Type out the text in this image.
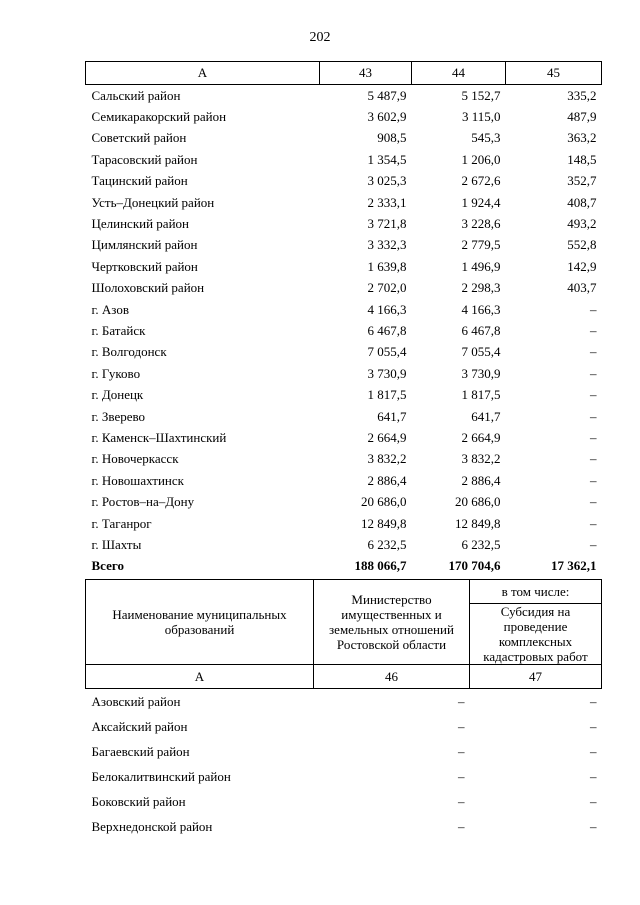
202
А	43	44	45
Сальский район	5 487,9	5 152,7	335,2
Семикаракорский район	3 602,9	3 115,0	487,9
Советский район	908,5	545,3	363,2
Тарасовский район	1 354,5	1 206,0	148,5
Тацинский район	3 025,3	2 672,6	352,7
Усть–Донецкий район	2 333,1	1 924,4	408,7
Целинский район	3 721,8	3 228,6	493,2
Цимлянский район	3 332,3	2 779,5	552,8
Чертковский район	1 639,8	1 496,9	142,9
Шолоховский район	2 702,0	2 298,3	403,7
г. Азов	4 166,3	4 166,3	–
г. Батайск	6 467,8	6 467,8	–
г. Волгодонск	7 055,4	7 055,4	–
г. Гуково	3 730,9	3 730,9	–
г. Донецк	1 817,5	1 817,5	–
г. Зверево	641,7	641,7	–
г. Каменск–Шахтинский	2 664,9	2 664,9	–
г. Новочеркасск	3 832,2	3 832,2	–
г. Новошахтинск	2 886,4	2 886,4	–
г. Ростов–на–Дону	20 686,0	20 686,0	–
г. Таганрог	12 849,8	12 849,8	–
г. Шахты	6 232,5	6 232,5	–
Всего	188 066,7	170 704,6	17 362,1
Наименование муниципальных образований	Министерство имущественных и земельных отношений Ростовской области	в том числе:
		Субсидия на проведение комплексных кадастровых работ
А	46	47
Азовский район	–	–
Аксайский район	–	–
Багаевский район	–	–
Белокалитвинский район	–	–
Боковский район	–	–
Верхнедонской район	–	–
